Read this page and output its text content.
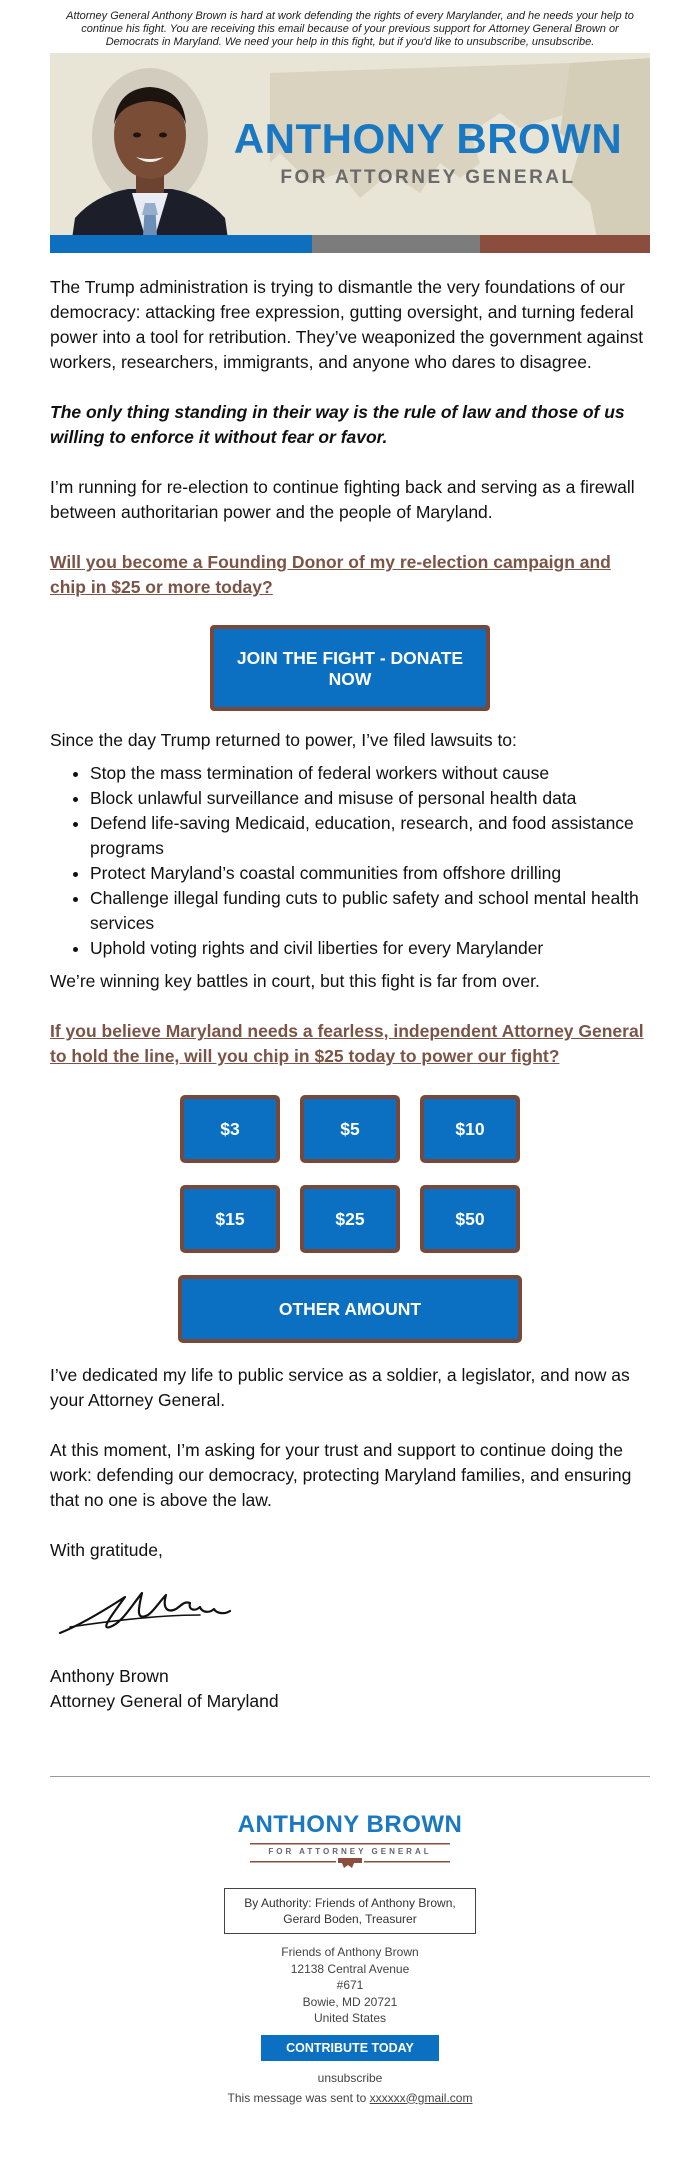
Attorney General Anthony Brown is hard at work defending the rights of every Marylander, and he needs your help to continue his fight. You are receiving this email because of your previous support for Attorney General Brown or Democrats in Maryland. We need your help in this fight, but if you'd like to unsubscribe, unsubscribe.
ANTHONY BROWN
FOR ATTORNEY GENERAL

The Trump administration is trying to dismantle the very foundations of our democracy: attacking free expression, gutting oversight, and turning federal power into a tool for retribution. They’ve weaponized the government against workers, researchers, immigrants, and anyone who dares to disagree.

The only thing standing in their way is the rule of law and those of us willing to enforce it without fear or favor.

I’m running for re-election to continue fighting back and serving as a firewall between authoritarian power and the people of Maryland.

Will you become a Founding Donor of my re-election campaign and chip in $25 or more today?
JOIN THE FIGHT - DONATE NOW

Since the day Trump returned to power, I’ve filed lawsuits to:

• Stop the mass termination of federal workers without cause
• Block unlawful surveillance and misuse of personal health data
• Defend life-saving Medicaid, education, research, and food assistance programs
• Protect Maryland’s coastal communities from offshore drilling
• Challenge illegal funding cuts to public safety and school mental health services
• Uphold voting rights and civil liberties for every Marylander

We’re winning key battles in court, but this fight is far from over.

If you believe Maryland needs a fearless, independent Attorney General to hold the line, will you chip in $25 today to power our fight?
$3	$5	$10
$15	$25	$50
OTHER AMOUNT

I’ve dedicated my life to public service as a soldier, a legislator, and now as your Attorney General.

At this moment, I’m asking for your trust and support to continue doing the work: defending our democracy, protecting Maryland families, and ensuring that no one is above the law.

With gratitude,

Anthony Brown

Attorney General of Maryland

ANTHONY BROWN
FOR ATTORNEY GENERAL
By Authority: Friends of Anthony Brown,
Gerard Boden, Treasurer
Friends of Anthony Brown
12138 Central Avenue
#671
Bowie, MD 20721
United States
CONTRIBUTE TODAY
unsubscribe
This message was sent to xxxxxx@gmail.com
